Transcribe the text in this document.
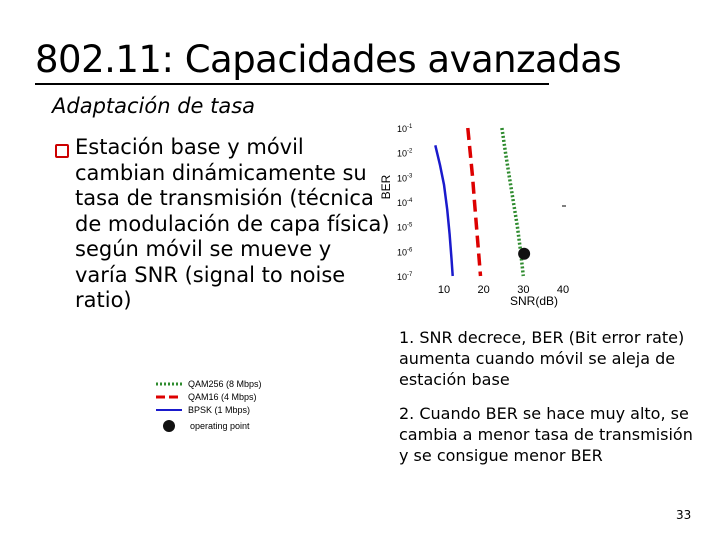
802.11: Capacidades avanzadas
Adaptación de tasa
Estación base y móvil cambian dinámicamente su tasa de transmisión (técnica de modulación de capa física) según móvil se mueve y varía SNR (signal to noise ratio)
$10^{-1}$
$10^{-2}$
$10^{-3}$
$10^{-4}$
$10^{-5}$
$10^{-6}$
$10^{-7}$
10 20 30 40
SNR(dB)
BER
QAM256 (8 Mbps)
QAM16 (4 Mbps)
BPSK (1 Mbps)
operating point
1. SNR decrece, BER (Bit error rate) aumenta cuando móvil se aleja de estación base
2. Cuando BER se hace muy alto, se cambia a menor tasa de transmisión y se consigue menor BER
33
